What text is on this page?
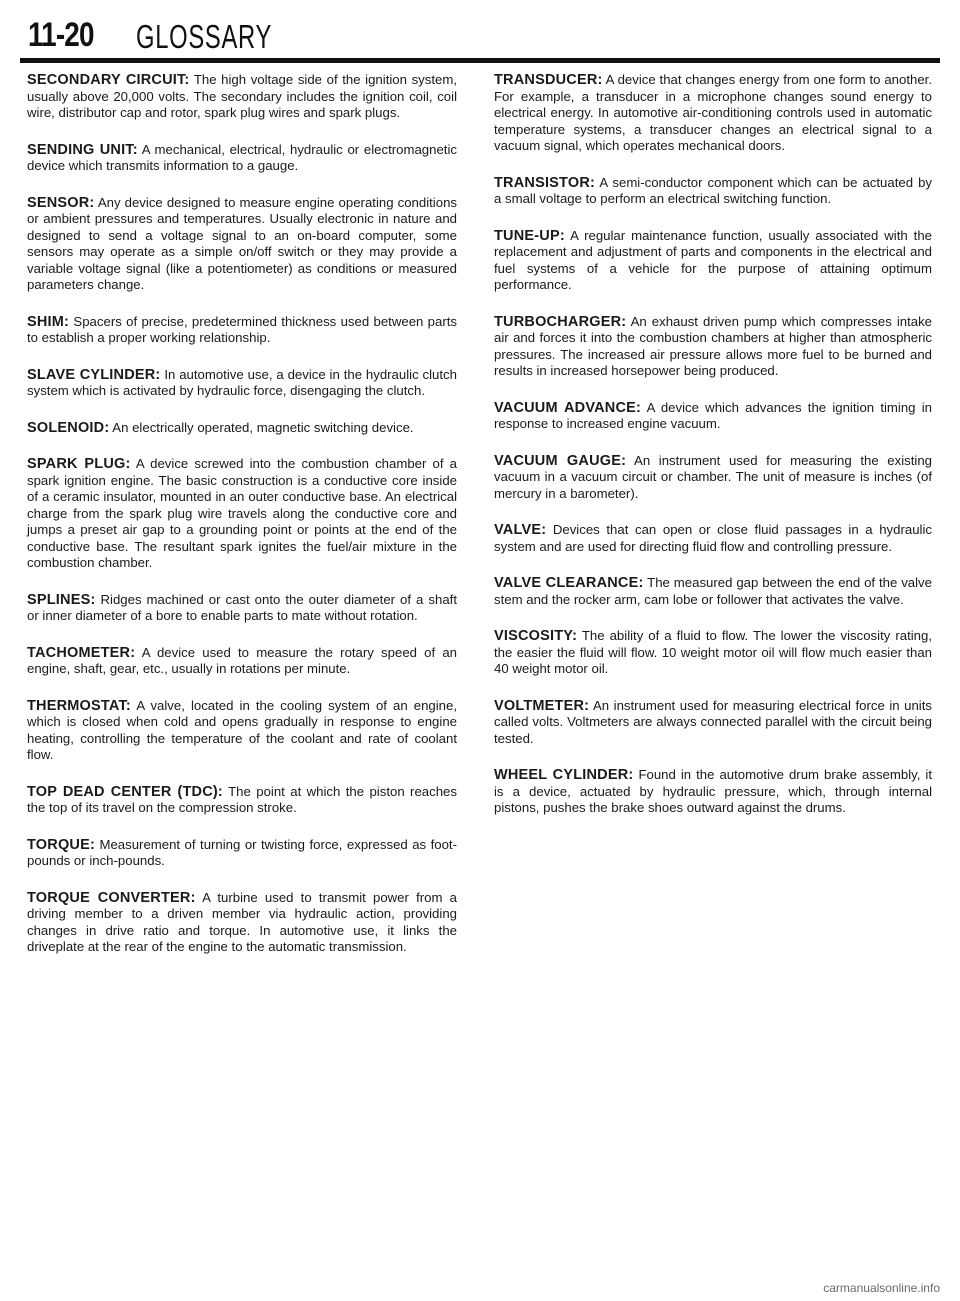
11-20 GLOSSARY

SECONDARY CIRCUIT: The high voltage side of the ignition system, usually above 20,000 volts. The secondary includes the ignition coil, coil wire, distributor cap and rotor, spark plug wires and spark plugs.

SENDING UNIT: A mechanical, electrical, hydraulic or electromagnetic device which transmits information to a gauge.

SENSOR: Any device designed to measure engine operating conditions or ambient pressures and temperatures. Usually electronic in nature and designed to send a voltage signal to an on-board computer, some sensors may operate as a simple on/off switch or they may provide a variable voltage signal (like a potentiometer) as conditions or measured parameters change.

SHIM: Spacers of precise, predetermined thickness used between parts to establish a proper working relationship.

SLAVE CYLINDER: In automotive use, a device in the hydraulic clutch system which is activated by hydraulic force, disengaging the clutch.

SOLENOID: An electrically operated, magnetic switching device.

SPARK PLUG: A device screwed into the combustion chamber of a spark ignition engine. The basic construction is a conductive core inside of a ceramic insulator, mounted in an outer conductive base. An electrical charge from the spark plug wire travels along the conductive core and jumps a preset air gap to a grounding point or points at the end of the conductive base. The resultant spark ignites the fuel/air mixture in the combustion chamber.

SPLINES: Ridges machined or cast onto the outer diameter of a shaft or inner diameter of a bore to enable parts to mate without rotation.

TACHOMETER: A device used to measure the rotary speed of an engine, shaft, gear, etc., usually in rotations per minute.

THERMOSTAT: A valve, located in the cooling system of an engine, which is closed when cold and opens gradually in response to engine heating, controlling the temperature of the coolant and rate of coolant flow.

TOP DEAD CENTER (TDC): The point at which the piston reaches the top of its travel on the compression stroke.

TORQUE: Measurement of turning or twisting force, expressed as foot-pounds or inch-pounds.

TORQUE CONVERTER: A turbine used to transmit power from a driving member to a driven member via hydraulic action, providing changes in drive ratio and torque. In automotive use, it links the driveplate at the rear of the engine to the automatic transmission.

TRANSDUCER: A device that changes energy from one form to another. For example, a transducer in a microphone changes sound energy to electrical energy. In automotive air-conditioning controls used in automatic temperature systems, a transducer changes an electrical signal to a vacuum signal, which operates mechanical doors.

TRANSISTOR: A semi-conductor component which can be actuated by a small voltage to perform an electrical switching function.

TUNE-UP: A regular maintenance function, usually associated with the replacement and adjustment of parts and components in the electrical and fuel systems of a vehicle for the purpose of attaining optimum performance.

TURBOCHARGER: An exhaust driven pump which compresses intake air and forces it into the combustion chambers at higher than atmospheric pressures. The increased air pressure allows more fuel to be burned and results in increased horsepower being produced.

VACUUM ADVANCE: A device which advances the ignition timing in response to increased engine vacuum.

VACUUM GAUGE: An instrument used for measuring the existing vacuum in a vacuum circuit or chamber. The unit of measure is inches (of mercury in a barometer).

VALVE: Devices that can open or close fluid passages in a hydraulic system and are used for directing fluid flow and controlling pressure.

VALVE CLEARANCE: The measured gap between the end of the valve stem and the rocker arm, cam lobe or follower that activates the valve.

VISCOSITY: The ability of a fluid to flow. The lower the viscosity rating, the easier the fluid will flow. 10 weight motor oil will flow much easier than 40 weight motor oil.

VOLTMETER: An instrument used for measuring electrical force in units called volts. Voltmeters are always connected parallel with the circuit being tested.

WHEEL CYLINDER: Found in the automotive drum brake assembly, it is a device, actuated by hydraulic pressure, which, through internal pistons, pushes the brake shoes outward against the drums.

carmanualsonline.info
